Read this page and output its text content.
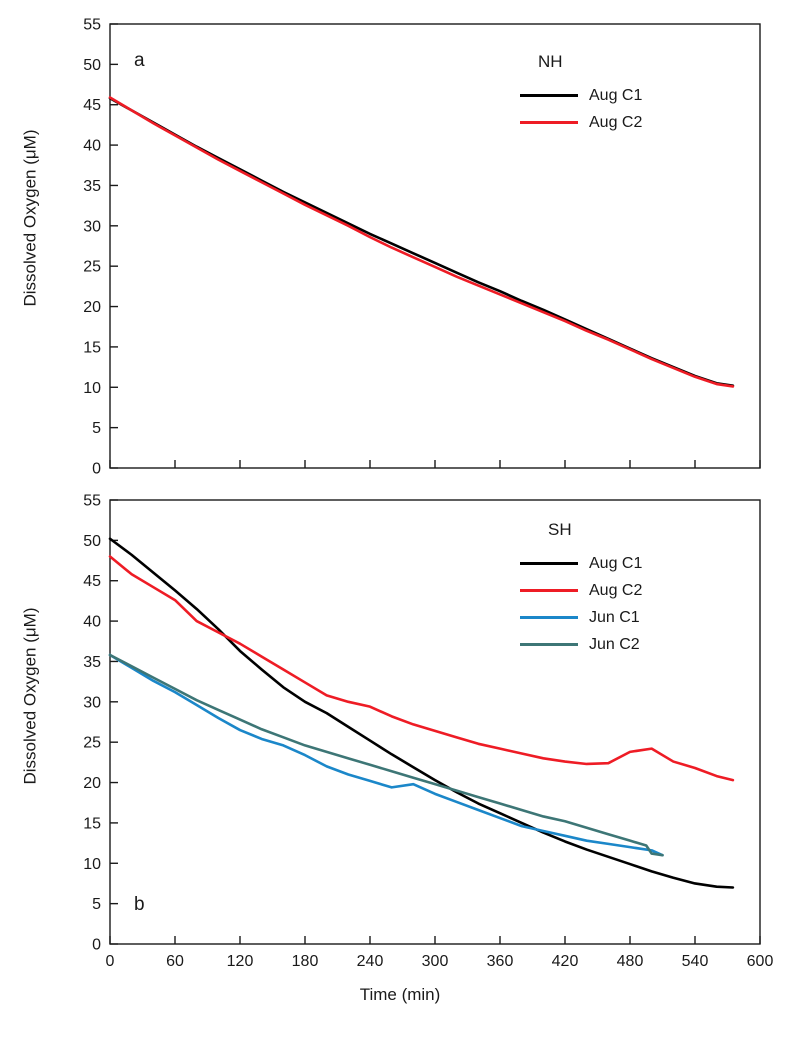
0
5
10
15
20
25
30
35
40
45
50
55
Dissolved Oxygen (μM)
a	NH
Aug C1
Aug C2
0
5
10
15
20
25
30
35
40
45
50
55
0	60	120 180 240 300 360 420 480 540 600
Dissolved Oxygen (μM)
b
SH
Aug C1
Aug C2
Jun C1
Jun C2
Time (min)
